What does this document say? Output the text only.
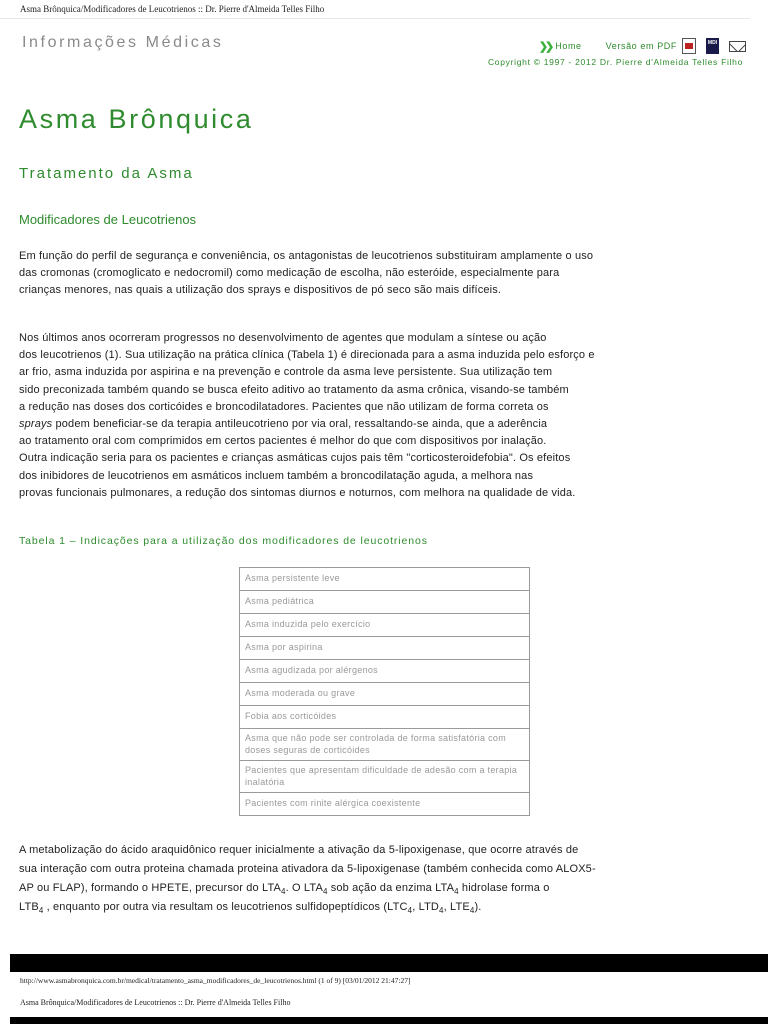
Asma Brônquica/Modificadores de Leucotrienos :: Dr. Pierre d'Almeida Telles Filho
Informações Médicas	❯❯ Home	Versão em PDF	MDI
Copyright © 1997 - 2012 Dr. Pierre d'Almeida Telles Filho
Asma Brônquica
Tratamento da Asma
Modificadores de Leucotrienos
Em função do perfil de segurança e conveniência, os antagonistas de leucotrienos substituiram amplamente o uso
das cromonas (cromoglicato e nedocromil) como medicação de escolha, não esteróide, especialmente para
crianças menores, nas quais a utilização dos sprays e dispositivos de pó seco são mais difíceis.
Nos últimos anos ocorreram progressos no desenvolvimento de agentes que modulam a síntese ou ação
dos leucotrienos (1). Sua utilização na prática clínica (Tabela 1) é direcionada para a asma induzida pelo esforço e
ar frio, asma induzida por aspirina e na prevenção e controle da asma leve persistente. Sua utilização tem
sido preconizada também quando se busca efeito aditivo ao tratamento da asma crônica, visando-se também
a redução nas doses dos corticóides e broncodilatadores. Pacientes que não utilizam de forma correta os
sprays podem beneficiar-se da terapia antileucotrieno por via oral, ressaltando-se ainda, que a aderência
ao tratamento oral com comprimidos em certos pacientes é melhor do que com dispositivos por inalação.
Outra indicação seria para os pacientes e crianças asmáticas cujos pais têm "corticosteroidefobia". Os efeitos
dos inibidores de leucotrienos em asmáticos incluem também a broncodilatação aguda, a melhora nas
provas funcionais pulmonares, a redução dos sintomas diurnos e noturnos, com melhora na qualidade de vida.
Tabela 1 – Indicações para a utilização dos modificadores de leucotrienos
Asma persistente leve
Asma pediátrica
Asma induzida pelo exercício
Asma por aspirina
Asma agudizada por alérgenos
Asma moderada ou grave
Fobia aos corticóides
Asma que não pode ser controlada de forma satisfatória com doses seguras de corticóides
Pacientes que apresentam dificuldade de adesão com a terapia inalatória
Pacientes com rinite alérgica coexistente
A metabolização do ácido araquidônico requer inicialmente a ativação da 5-lipoxigenase, que ocorre através de
sua interação com outra proteina chamada proteina ativadora da 5-lipoxigenase (também conhecida como ALOX5-
AP ou FLAP), formando o HPETE, precursor do $LTA_4$. O $LTA_4$ sob ação da enzima $LTA_4$ hidrolase forma o
$LTB_4$ , enquanto por outra via resultam os leucotrienos sulfidopeptídicos ($LTC_4$, $LTD_4$, $LTE_4$).
http://www.asmabronquica.com.br/medical/tratamento_asma_modificadores_de_leucotrienos.html (1 of 9) [03/01/2012 21:47:27]
Asma Brônquica/Modificadores de Leucotrienos :: Dr. Pierre d'Almeida Telles Filho
